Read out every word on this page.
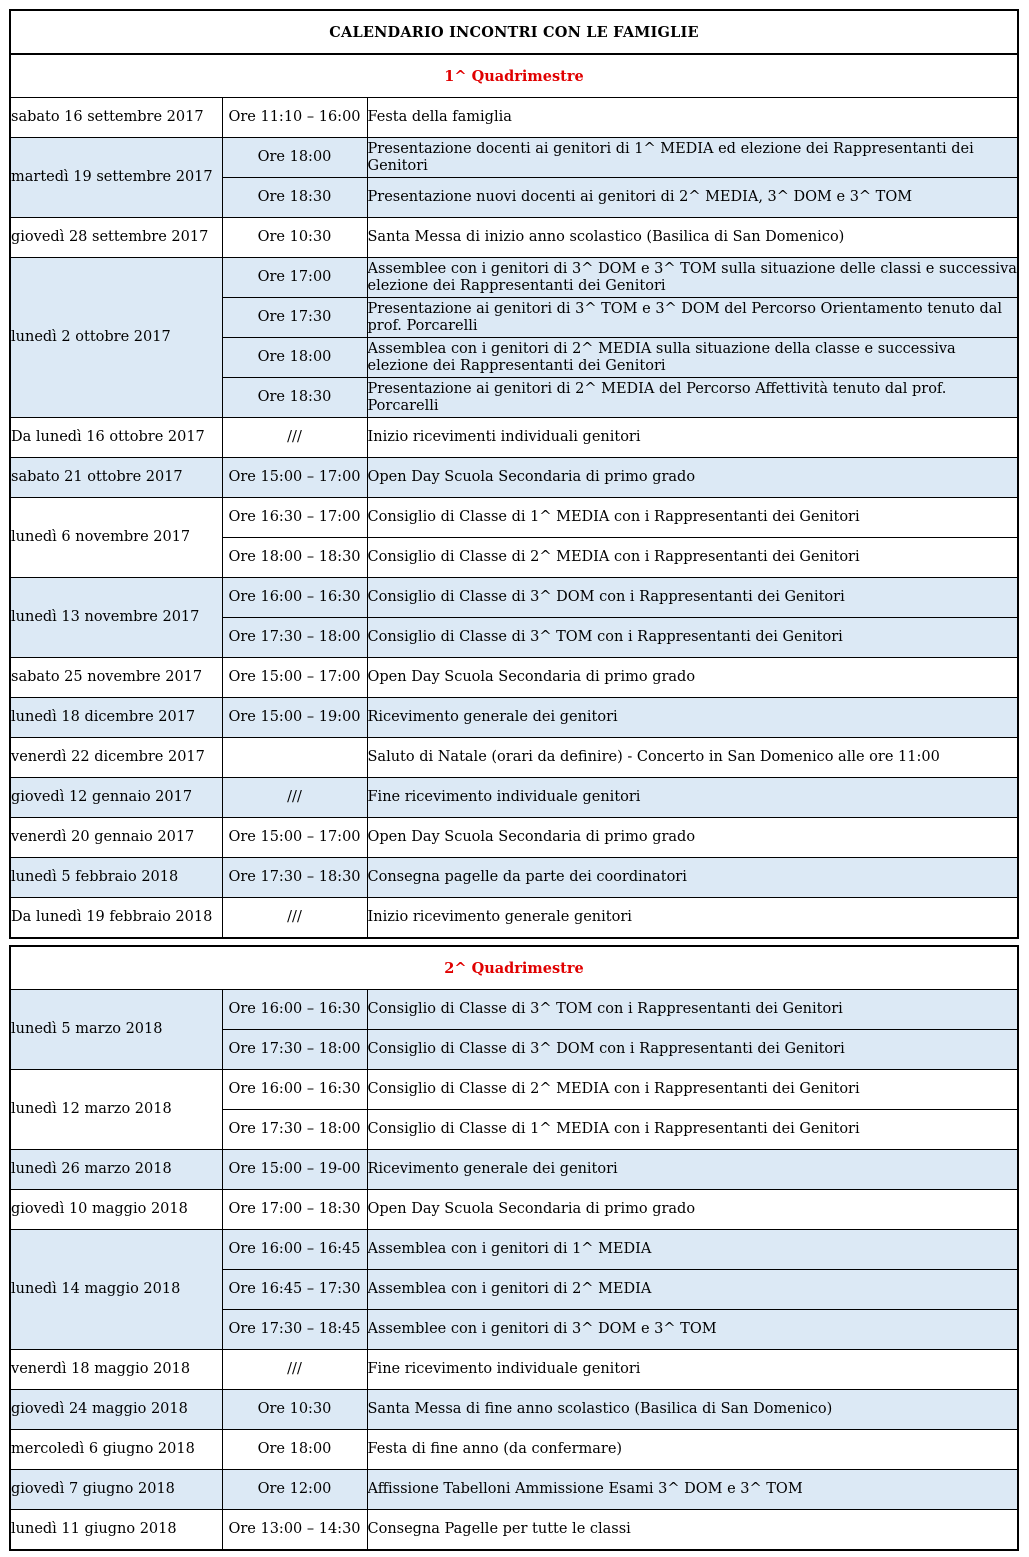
CALENDARIO INCONTRI CON LE FAMIGLIE		
1^ Quadrimestre		
sabato 16 settembre 2017	Ore 11:10 – 16:00	Festa della famiglia
martedì 19 settembre 2017	Ore 18:00	Presentazione docenti ai genitori di 1^ MEDIA ed elezione dei Rappresentanti dei Genitori
	Ore 18:30	Presentazione nuovi docenti ai genitori di 2^ MEDIA, 3^ DOM e 3^ TOM
giovedì 28 settembre 2017	Ore 10:30	Santa Messa di inizio anno scolastico (Basilica di San Domenico)
lunedì 2 ottobre 2017	Ore 17:00	Assemblee con i genitori di 3^ DOM e 3^ TOM sulla situazione delle classi e successiva elezione dei Rappresentanti dei Genitori
	Ore 17:30	Presentazione ai genitori di 3^ TOM e 3^ DOM del Percorso Orientamento tenuto dal prof. Porcarelli
	Ore 18:00	Assemblea con i genitori di 2^ MEDIA sulla situazione della classe e successiva elezione dei Rappresentanti dei Genitori
	Ore 18:30	Presentazione ai genitori di 2^ MEDIA del Percorso Affettività tenuto dal prof. Porcarelli
Da lunedì 16 ottobre 2017	///	Inizio ricevimenti individuali genitori
sabato 21 ottobre 2017	Ore 15:00 – 17:00	Open Day Scuola Secondaria di primo grado
lunedì 6 novembre 2017	Ore 16:30 – 17:00	Consiglio di Classe di 1^ MEDIA con i Rappresentanti dei Genitori
	Ore 18:00 – 18:30	Consiglio di Classe di 2^ MEDIA con i Rappresentanti dei Genitori
lunedì 13 novembre 2017	Ore 16:00 – 16:30	Consiglio di Classe di 3^ DOM con i Rappresentanti dei Genitori
	Ore 17:30 – 18:00	Consiglio di Classe di 3^ TOM con i Rappresentanti dei Genitori
sabato 25 novembre 2017	Ore 15:00 – 17:00	Open Day Scuola Secondaria di primo grado
lunedì 18 dicembre 2017	Ore 15:00 – 19:00	Ricevimento generale dei genitori
venerdì 22 dicembre 2017		Saluto di Natale (orari da definire) - Concerto in San Domenico alle ore 11:00
giovedì 12 gennaio 2017	///	Fine ricevimento individuale genitori
venerdì 20 gennaio 2017	Ore 15:00 – 17:00	Open Day Scuola Secondaria di primo grado
lunedì 5 febbraio 2018	Ore 17:30 – 18:30	Consegna pagelle da parte dei coordinatori
Da lunedì 19 febbraio 2018	///	Inizio ricevimento generale genitori
2^ Quadrimestre		
lunedì 5 marzo 2018	Ore 16:00 – 16:30	Consiglio di Classe di 3^ TOM con i Rappresentanti dei Genitori
	Ore 17:30 – 18:00	Consiglio di Classe di 3^ DOM con i Rappresentanti dei Genitori
lunedì 12 marzo 2018	Ore 16:00 – 16:30	Consiglio di Classe di 2^ MEDIA con i Rappresentanti dei Genitori
	Ore 17:30 – 18:00	Consiglio di Classe di 1^ MEDIA con i Rappresentanti dei Genitori
lunedì 26 marzo 2018	Ore 15:00 – 19-00	Ricevimento generale dei genitori
giovedì 10 maggio 2018	Ore 17:00 – 18:30	Open Day Scuola Secondaria di primo grado
lunedì 14 maggio 2018	Ore 16:00 – 16:45	Assemblea con i genitori di 1^ MEDIA
	Ore 16:45 – 17:30	Assemblea con i genitori di 2^ MEDIA
	Ore 17:30 – 18:45	Assemblee con i genitori di 3^ DOM e 3^ TOM
venerdì 18 maggio 2018	///	Fine ricevimento individuale genitori
giovedì 24 maggio 2018	Ore 10:30	Santa Messa di fine anno scolastico (Basilica di San Domenico)
mercoledì 6 giugno 2018	Ore 18:00	Festa di fine anno (da confermare)
giovedì 7 giugno 2018	Ore 12:00	Affissione Tabelloni Ammissione Esami 3^ DOM e 3^ TOM
lunedì 11 giugno 2018	Ore 13:00 – 14:30	Consegna Pagelle per tutte le classi
